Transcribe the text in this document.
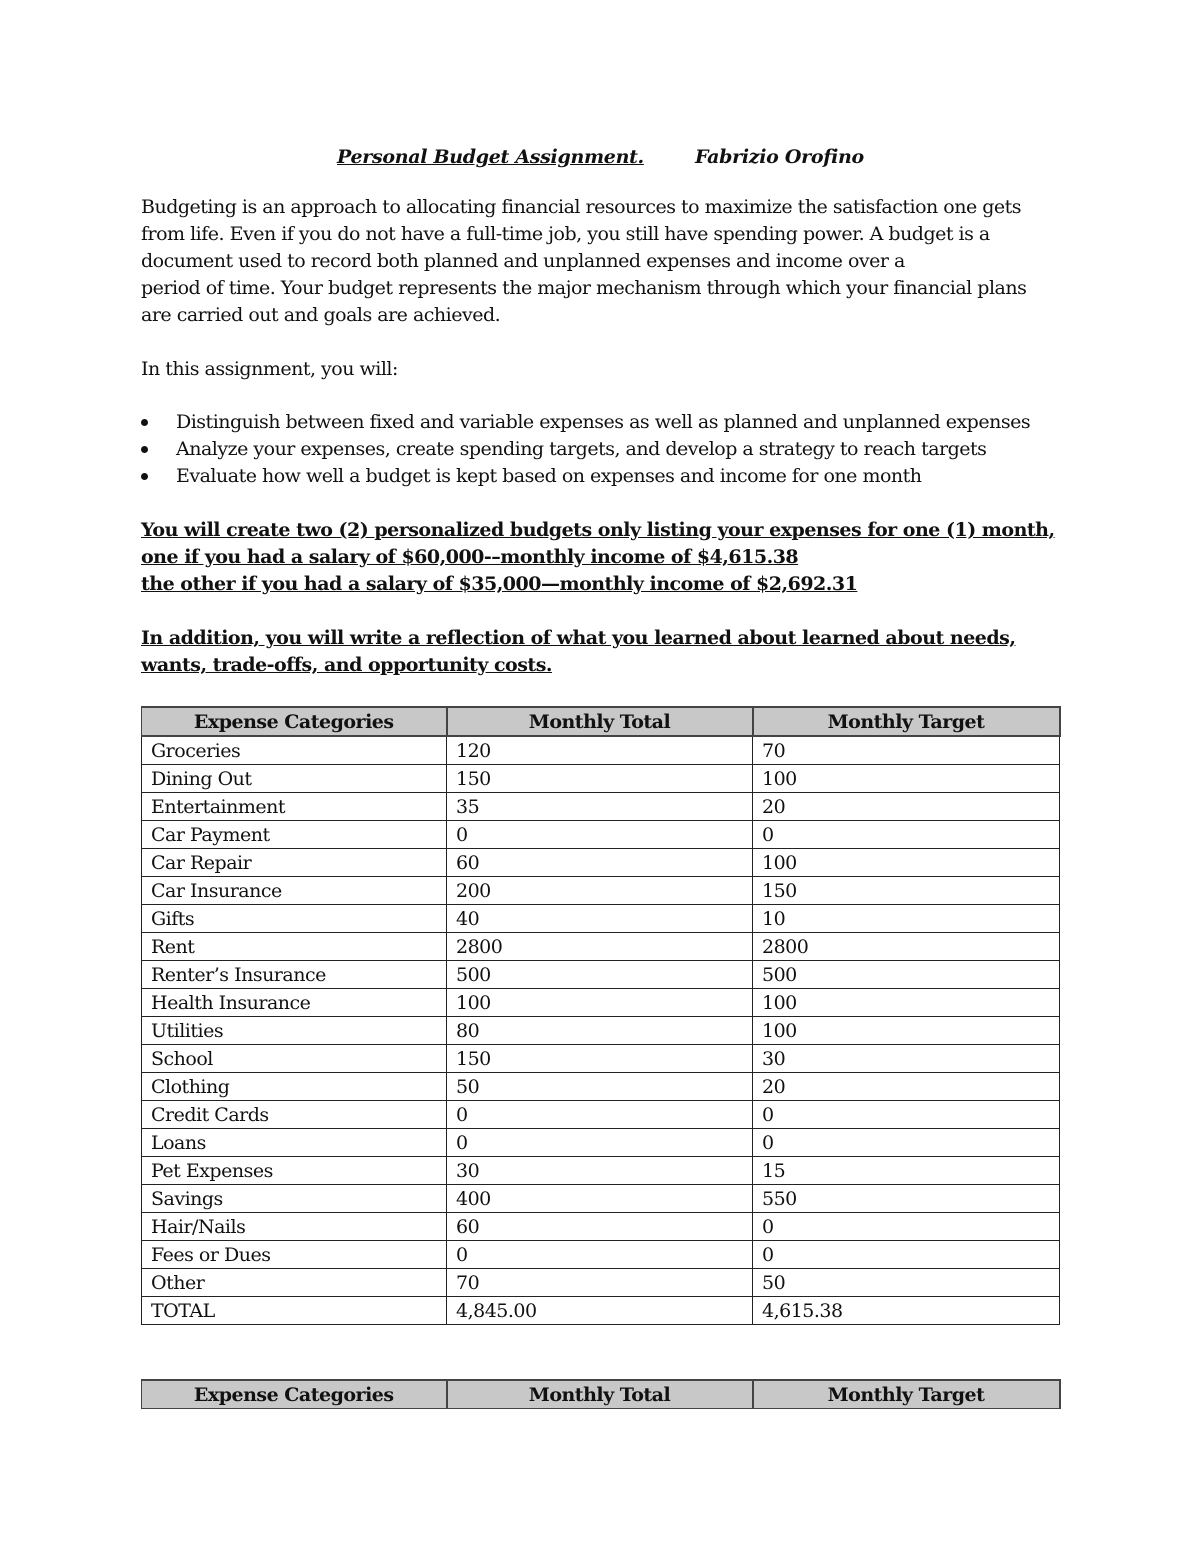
Personal Budget Assignment.	Fabrizio Orofino

Budgeting is an approach to allocating financial resources to maximize the satisfaction one gets

from life. Even if you do not have a full-time job, you still have spending power. A budget is a

document used to record both planned and unplanned expenses and income over a

period of time. Your budget represents the major mechanism through which your financial plans

are carried out and goals are achieved.

In this assignment, you will:

Distinguish between fixed and variable expenses as well as planned and unplanned expenses
Analyze your expenses, create spending targets, and develop a strategy to reach targets
Evaluate how well a budget is kept based on expenses and income for one month

You will create two (2) personalized budgets only listing your expenses for one (1) month,

one if you had a salary of $60,000-–monthly income of $4,615.38

the other if you had a salary of $35,000—monthly income of $2,692.31

In addition, you will write a reflection of what you learned about learned about needs,

wants, trade-offs, and opportunity costs.

Expense Categories	Monthly Total	Monthly Target
Groceries	120	70
Dining Out	150	100
Entertainment	35	20
Car Payment	0	0
Car Repair	60	100
Car Insurance	200	150
Gifts	40	10
Rent	2800	2800
Renter’s Insurance	500	500
Health Insurance	100	100
Utilities	80	100
School	150	30
Clothing	50	20
Credit Cards	0	0
Loans	0	0
Pet Expenses	30	15
Savings	400	550
Hair/Nails	60	0
Fees or Dues	0	0
Other	70	50
TOTAL	4,845.00	4,615.38
Expense Categories	Monthly Total	Monthly Target
